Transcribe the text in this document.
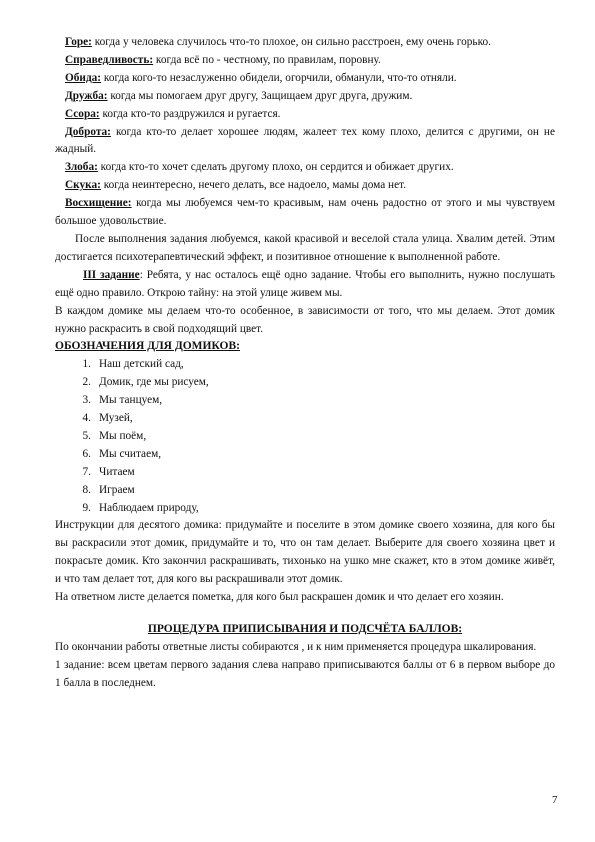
Горе: когда у человека случилось что-то плохое, он сильно расстроен, ему очень горько.

Справедливость: когда всё по - честному, по правилам, поровну.

Обида: когда кого-то незаслуженно обидели, огорчили, обманули, что-то отняли.

Дружба: когда мы помогаем друг другу, Защищаем друг друга, дружим.

Ссора: когда кто-то раздружился и ругается.

Доброта: когда кто-то делает хорошее людям, жалеет тех кому плохо, делится с другими, он не жадный.

Злоба: когда кто-то хочет сделать другому плохо, он сердится и обижает других.

Скука: когда неинтересно, нечего делать, все надоело, мамы дома нет.

Восхищение: когда мы любуемся чем-то красивым, нам очень радостно от этого и мы чувствуем большое удовольствие.

После выполнения задания любуемся, какой красивой и веселой стала улица. Хвалим детей. Этим достигается психотерапевтический эффект, и позитивное отношение к выполненной работе.

III задание: Ребята, у нас осталось ещё одно задание. Чтобы его выполнить, нужно послушать ещё одно правило. Открою тайну: на этой улице живем мы.

В каждом домике мы делаем что-то особенное, в зависимости от того, что мы делаем. Этот домик нужно раскрасить в свой подходящий цвет.

ОБОЗНАЧЕНИЯ ДЛЯ ДОМИКОВ:

1. Наш детский сад,
2. Домик, где мы рисуем,
3. Мы танцуем,
4. Музей,
5. Мы поём,
6. Мы считаем,
7. Читаем
8. Играем
9. Наблюдаем природу,

Инструкции для десятого домика: придумайте и поселите в этом домике своего хозяина, для кого бы вы раскрасили этот домик, придумайте и то, что он там делает. Выберите для своего хозяина цвет и покрасьте домик. Кто закончил раскрашивать, тихонько на ушко мне скажет, кто в этом домике живёт, и что там делает тот, для кого вы раскрашивали этот домик.

На ответном листе делается пометка, для кого был раскрашен домик и что делает его хозяин.

ПРОЦЕДУРА ПРИПИСЫВАНИЯ И ПОДСЧЁТА БАЛЛОВ:

По окончании работы ответные листы собираются , и к ним применяется процедура шкалирования.

1 задание: всем цветам первого задания слева направо приписываются баллы от 6 в первом выборе до 1 балла в последнем.

7
